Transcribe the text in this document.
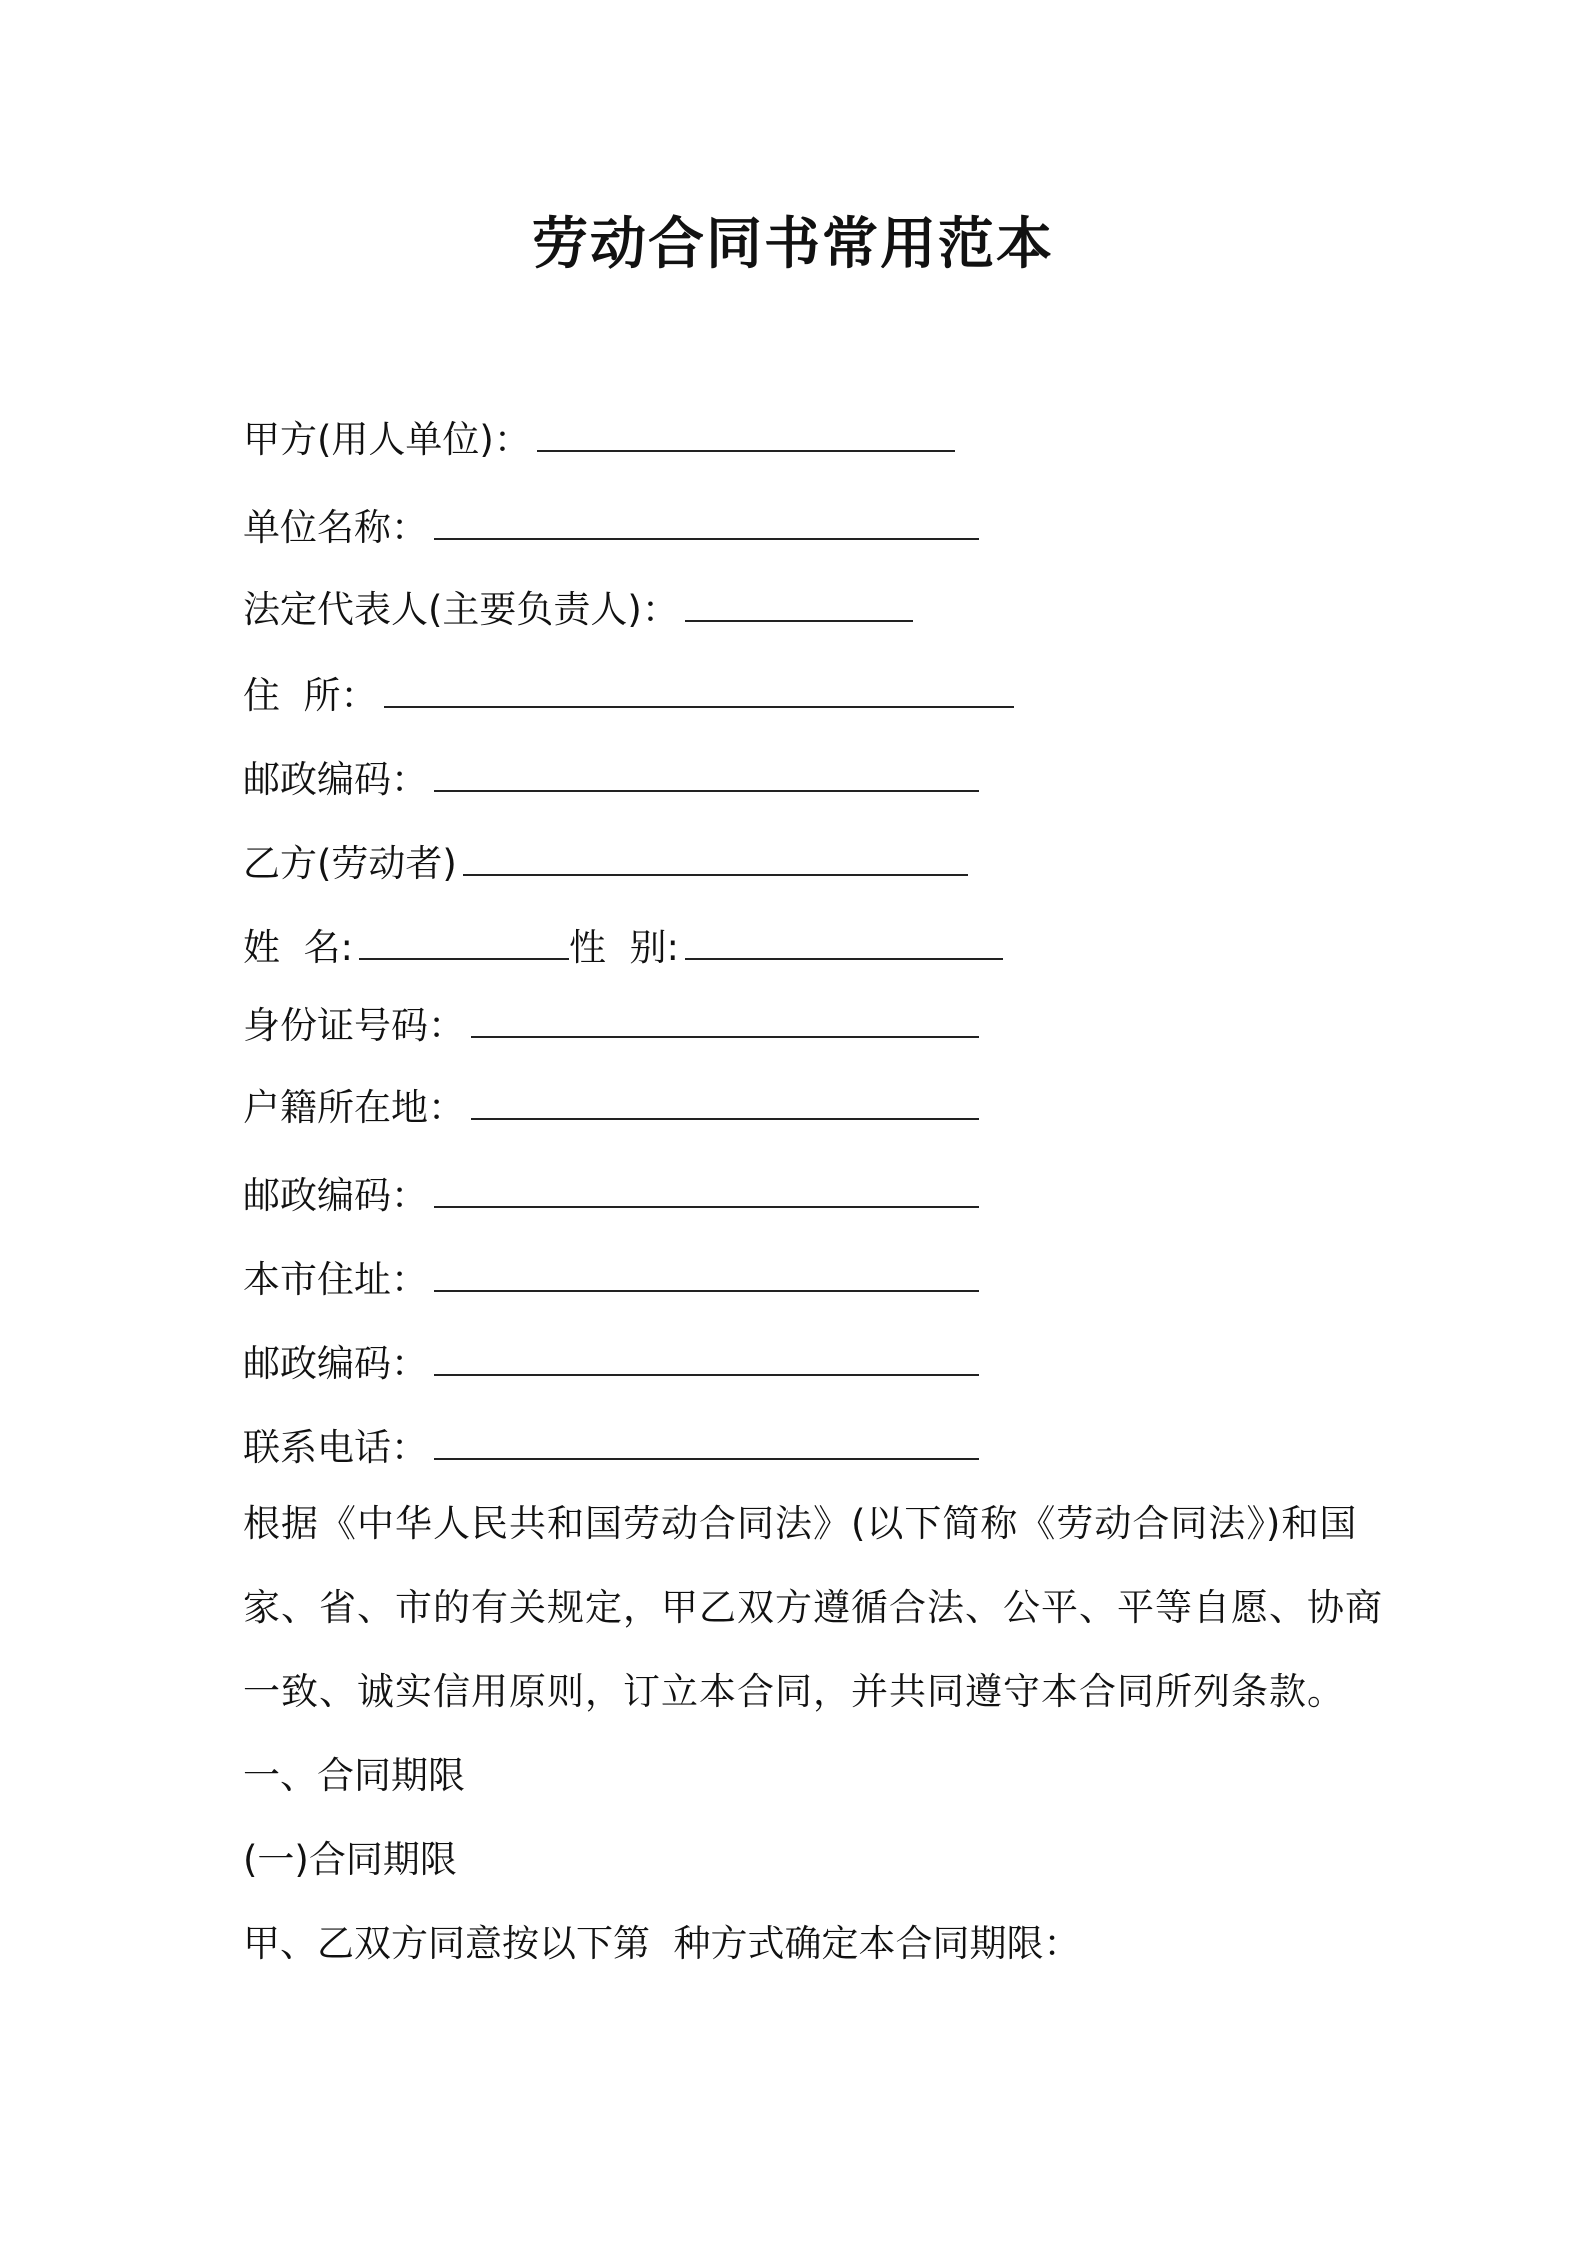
劳动合同书常用范本
甲方(用人单位)：
单位名称：
法定代表人(主要负责人)：
住  所：
邮政编码：
乙方(劳动者)
姓  名:	性  别:
身份证号码：
户籍所在地：
邮政编码：
本市住址：
邮政编码：
联系电话：
根据《中华人民共和国劳动合同法》(以下简称《劳动合同法》)和国
家、省、市的有关规定，甲乙双方遵循合法、公平、平等自愿、协商
一致、诚实信用原则，订立本合同，并共同遵守本合同所列条款。
一、合同期限
(一)合同期限
甲、乙双方同意按以下第  种方式确定本合同期限：
